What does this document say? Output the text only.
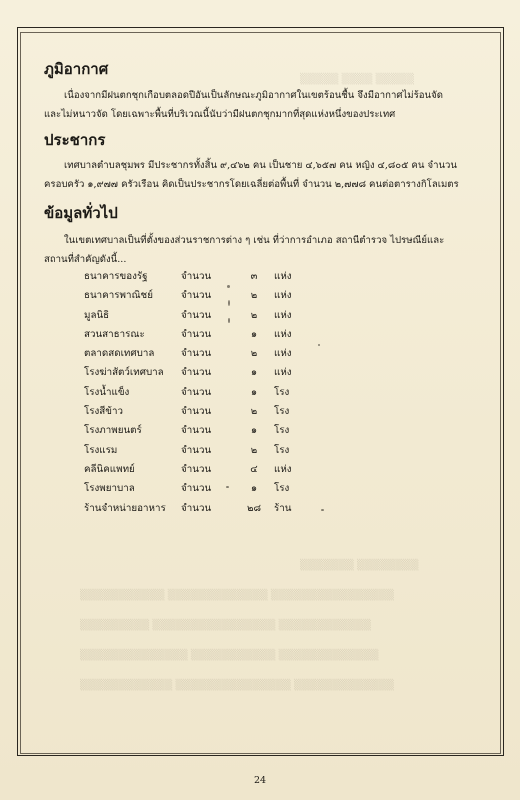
▒▒▒▒▒ ▒▒▒▒ ▒▒▒▒▒
▒▒▒▒▒▒▒ ▒▒▒▒▒▒▒▒
▒▒▒▒▒▒▒▒▒▒▒ ▒▒▒▒▒▒▒▒▒▒▒▒▒ ▒▒▒▒▒▒▒▒▒▒▒▒▒▒▒▒
▒▒▒▒▒▒▒▒▒ ▒▒▒▒▒▒▒▒▒▒▒▒▒▒▒▒ ▒▒▒▒▒▒▒▒▒▒▒▒
▒▒▒▒▒▒▒▒▒▒▒▒▒▒ ▒▒▒▒▒▒▒▒▒▒▒ ▒▒▒▒▒▒▒▒▒▒▒▒▒
▒▒▒▒▒▒▒▒▒▒▒▒ ▒▒▒▒▒▒▒▒▒▒▒▒▒▒▒ ▒▒▒▒▒▒▒▒▒▒▒▒▒
ภูมิอากาศ
เนื่องจากมีฝนตกชุกเกือบตลอดปีอันเป็นลักษณะภูมิอากาศในเขตร้อนชื้น จึงมีอากาศไม่ร้อนจัด
และไม่หนาวจัด โดยเฉพาะพื้นที่บริเวณนี้นับว่ามีฝนตกชุกมากที่สุดแห่งหนึ่งของประเทศ
ประชากร
เทศบาลตำบลชุมพร มีประชากรทั้งสิ้น ๙,๔๖๒ คน เป็นชาย ๔,๖๕๗ คน หญิง ๔,๘๐๕ คน จำนวน
ครอบครัว ๑,๙๗๗ ครัวเรือน คิดเป็นประชากรโดยเฉลี่ยต่อพื้นที่ จำนวน ๒,๗๗๘ คนต่อตารางกิโลเมตร
ข้อมูลทั่วไป
ในเขตเทศบาลเป็นที่ตั้งของส่วนราชการต่าง ๆ เช่น ที่ว่าการอำเภอ สถานีตำรวจ ไปรษณีย์และ
สถานที่สำคัญดังนี้...
ธนาคารของรัฐ	จำนวน	๓	แห่ง
ธนาคารพาณิชย์	จำนวน	๒	แห่ง
มูลนิธิ	จำนวน	๒	แห่ง
สวนสาธารณะ	จำนวน	๑	แห่ง
ตลาดสดเทศบาล	จำนวน	๒	แห่ง
โรงฆ่าสัตว์เทศบาล จำนวน	๑	แห่ง
โรงน้ำแข็ง	จำนวน	๑	โรง
โรงสีข้าว	จำนวน	๒	โรง
โรงภาพยนตร์	จำนวน	๑	โรง
โรงแรม	จำนวน	๒	โรง
คลีนิคแพทย์	จำนวน	๔	แห่ง
โรงพยาบาล	จำนวน	๑	โรง
ร้านจำหน่ายอาหาร จำนวน	๒๘	ร้าน
24
